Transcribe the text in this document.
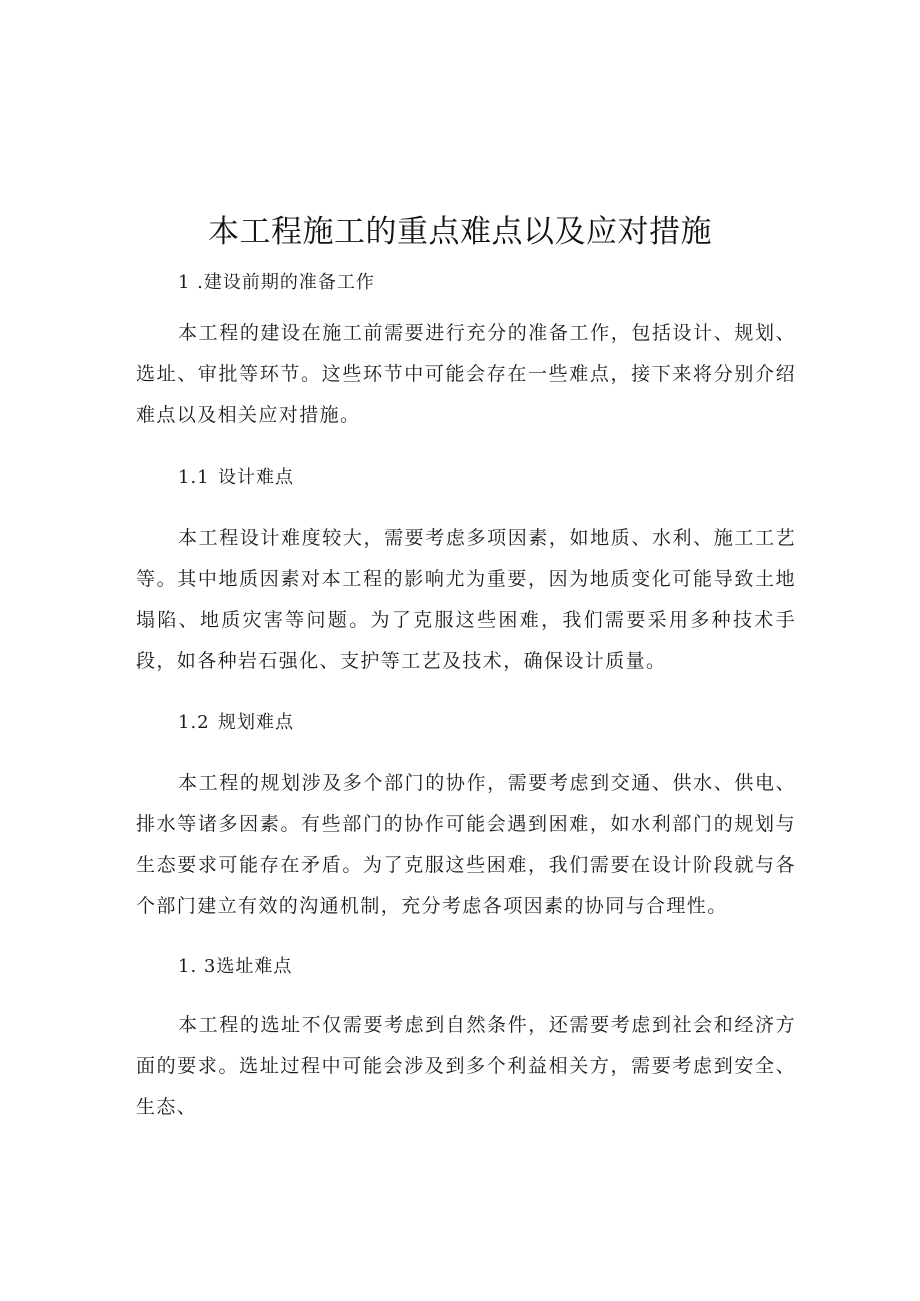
本工程施工的重点难点以及应对措施
1 .建设前期的准备工作

本工程的建设在施工前需要进行充分的准备工作，包括设计、规划、选址、审批等环节。这些环节中可能会存在一些难点，接下来将分别介绍难点以及相关应对措施。

1.1 设计难点

本工程设计难度较大，需要考虑多项因素，如地质、水利、施工工艺等。其中地质因素对本工程的影响尤为重要，因为地质变化可能导致土地塌陷、地质灾害等问题。为了克服这些困难，我们需要采用多种技术手段，如各种岩石强化、支护等工艺及技术，确保设计质量。

1.2 规划难点

本工程的规划涉及多个部门的协作，需要考虑到交通、供水、供电、排水等诸多因素。有些部门的协作可能会遇到困难，如水利部门的规划与生态要求可能存在矛盾。为了克服这些困难，我们需要在设计阶段就与各个部门建立有效的沟通机制，充分考虑各项因素的协同与合理性。

1. 3选址难点

本工程的选址不仅需要考虑到自然条件，还需要考虑到社会和经济方面的要求。选址过程中可能会涉及到多个利益相关方，需要考虑到安全、生态、
